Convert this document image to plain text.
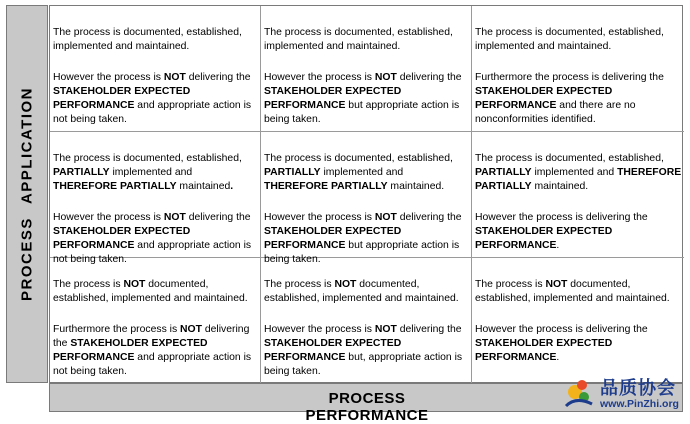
PROCESS APPLICATION

The process is documented, established, implemented and maintained.

However the process is NOT delivering the STAKEHOLDER EXPECTED PERFORMANCE and appropriate action is not being taken.

The process is documented, established, implemented and maintained.

However the process is NOT delivering the STAKEHOLDER EXPECTED PERFORMANCE but appropriate action is being taken.

The process is documented, established, implemented and maintained.

Furthermore the process is delivering the STAKEHOLDER EXPECTED PERFORMANCE and there are no nonconformities identified.

The process is documented, established, PARTIALLY implemented and THEREFORE PARTIALLY maintained.

However the process is NOT delivering the STAKEHOLDER EXPECTED PERFORMANCE and appropriate action is not being taken.

The process is documented, established, PARTIALLY implemented and THEREFORE PARTIALLY maintained.

However the process is NOT delivering the STAKEHOLDER EXPECTED PERFORMANCE but appropriate action is being taken.

The process is documented, established, PARTIALLY implemented and THEREFORE PARTIALLY maintained.

However the process is delivering the STAKEHOLDER EXPECTED PERFORMANCE.

The process is NOT documented, established, implemented and maintained.

Furthermore the process is NOT delivering the STAKEHOLDER EXPECTED PERFORMANCE and appropriate action is not being taken.

The process is NOT documented, established, implemented and maintained.

However the process is NOT delivering the STAKEHOLDER EXPECTED PERFORMANCE but, appropriate action is being taken.

The process is NOT documented, established, implemented and maintained.

However the process is delivering the STAKEHOLDER EXPECTED PERFORMANCE.

PROCESS PERFORMANCE
品质协会
www.PinZhi.org
